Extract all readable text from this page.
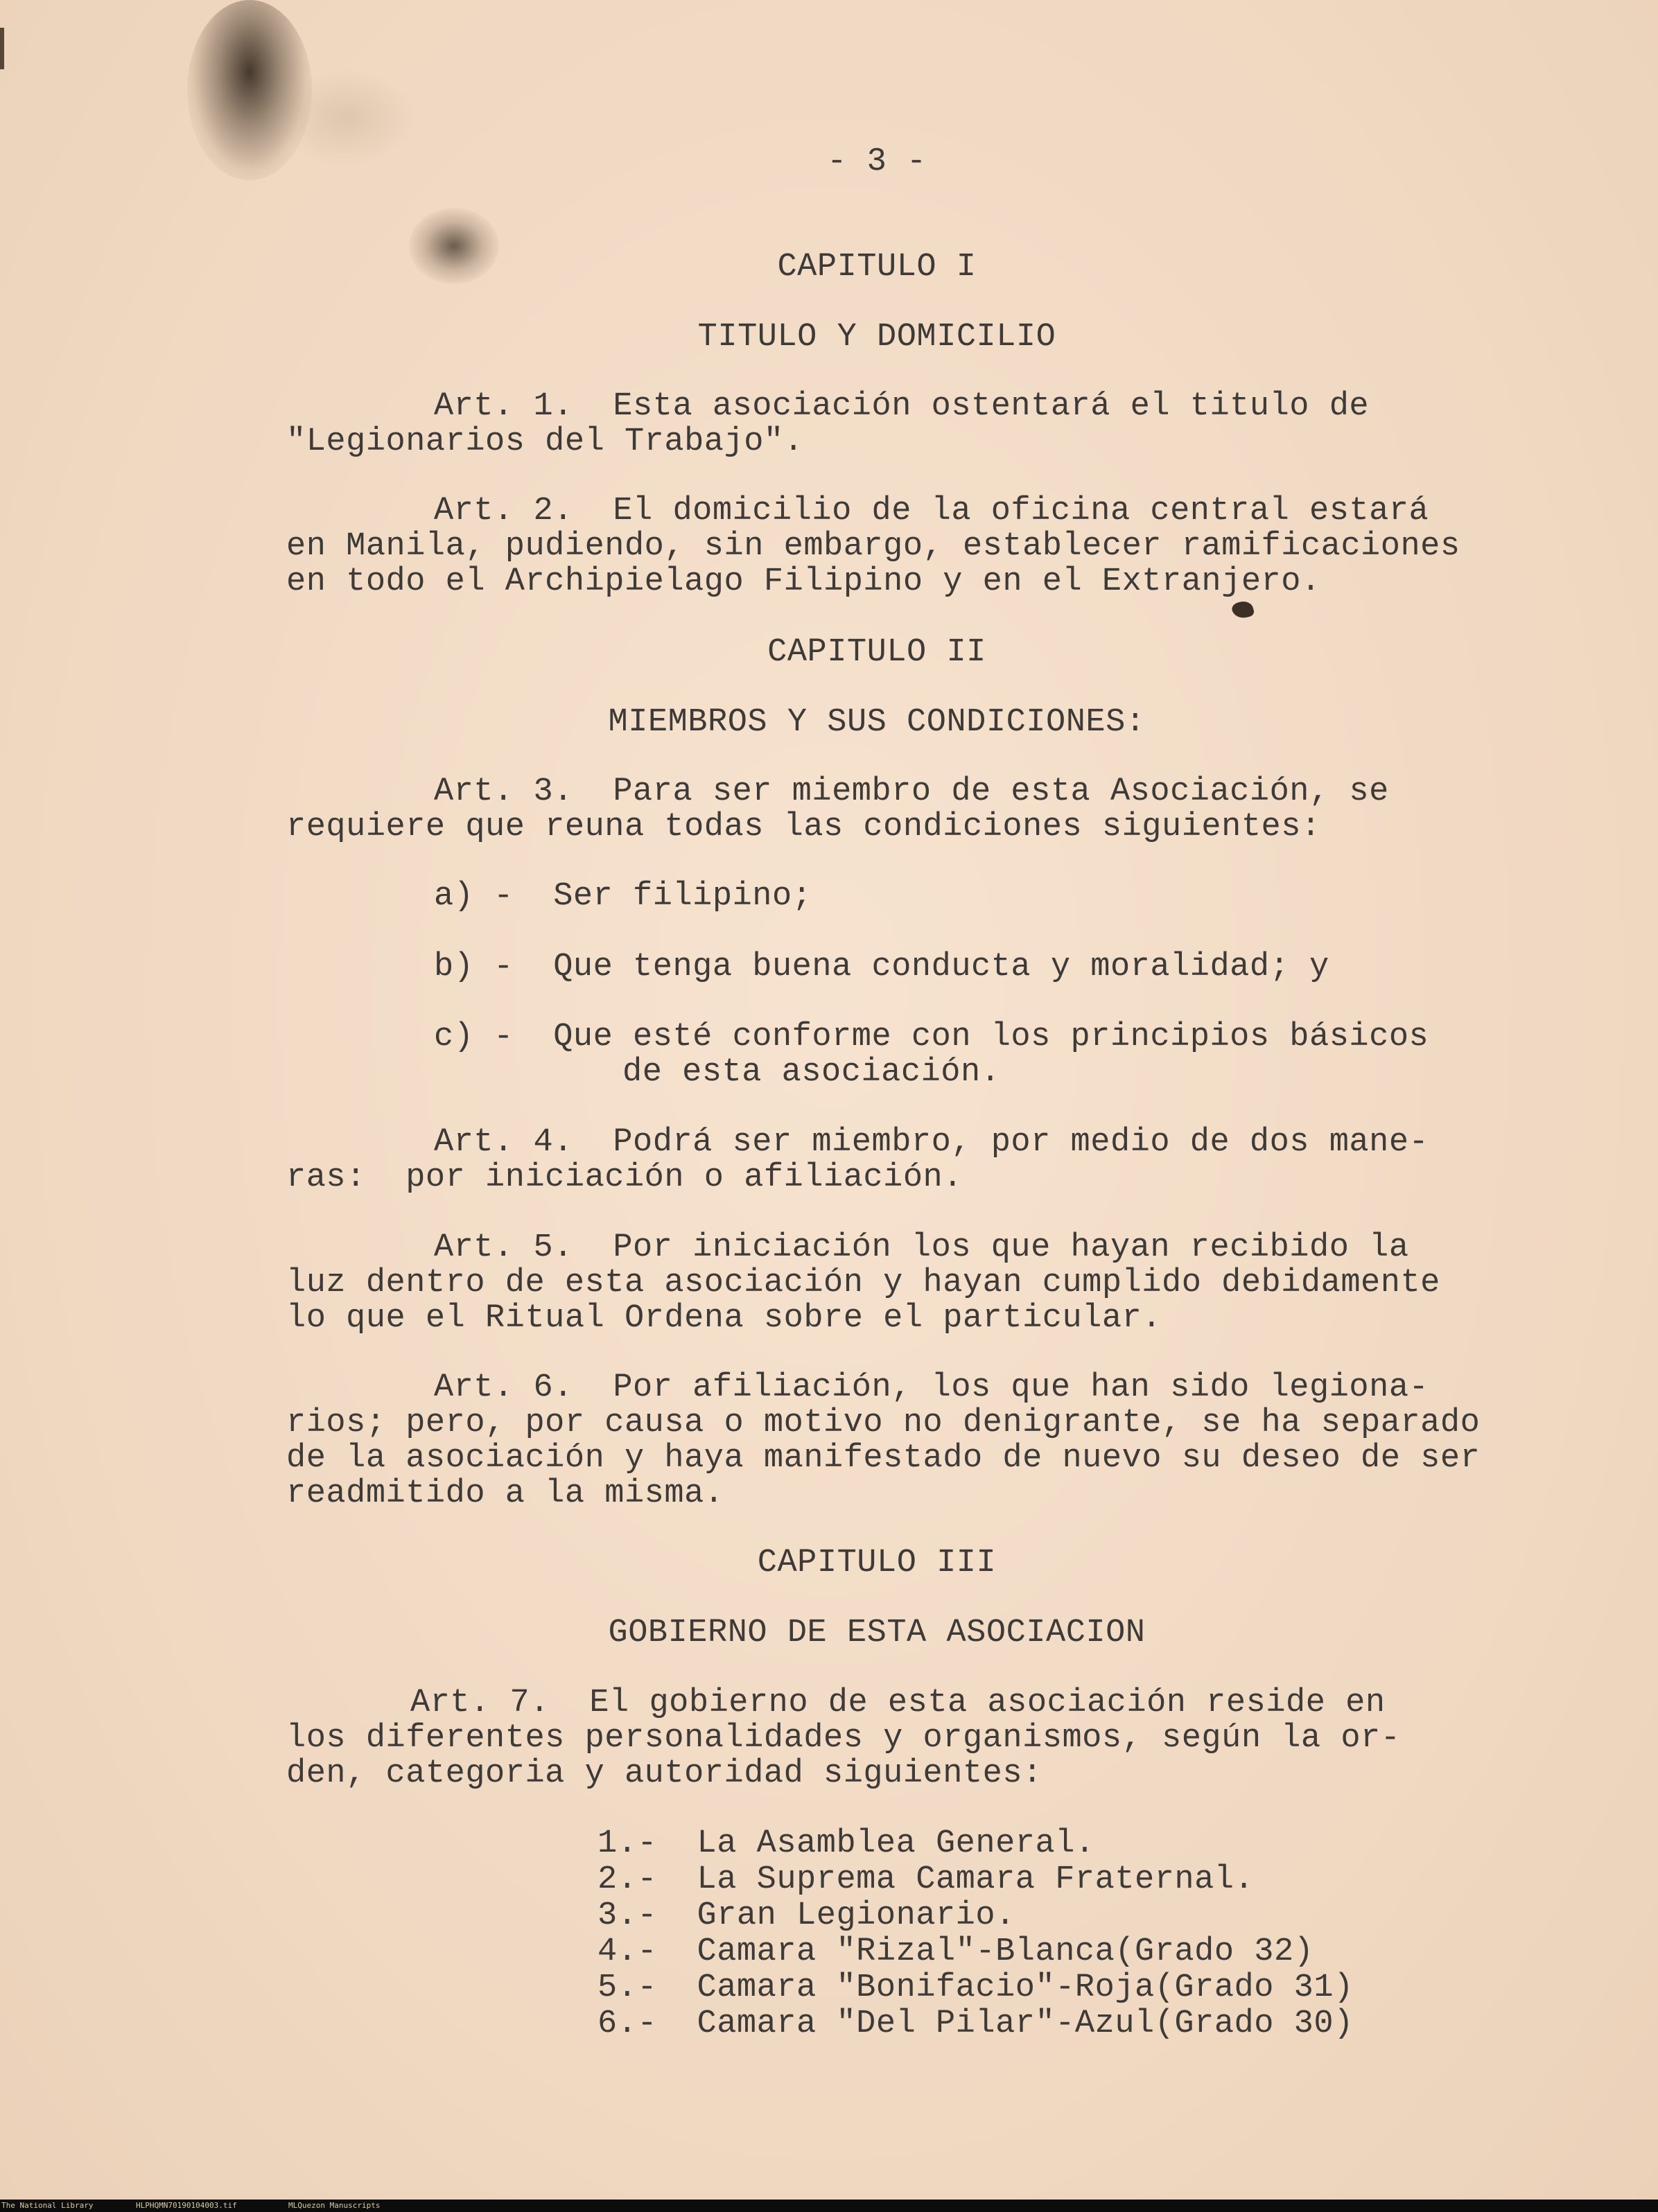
- 3 -

CAPITULO I

TITULO Y DOMICILIO

Art. 1.  Esta asociación ostentará el titulo de

"Legionarios del Trabajo".

Art. 2.  El domicilio de la oficina central estará

en Manila, pudiendo, sin embargo, establecer ramificaciones

en todo el Archipielago Filipino y en el Extranjero.

CAPITULO II

MIEMBROS Y SUS CONDICIONES:

Art. 3.  Para ser miembro de esta Asociación, se

requiere que reuna todas las condiciones siguientes:

a) -  Ser filipino;

b) -  Que tenga buena conducta y moralidad; y

c) -  Que esté conforme con los principios básicos

de esta asociación.

Art. 4.  Podrá ser miembro, por medio de dos mane-

ras:  por iniciación o afiliación.

Art. 5.  Por iniciación los que hayan recibido la

luz dentro de esta asociación y hayan cumplido debidamente

lo que el Ritual Ordena sobre el particular.

Art. 6.  Por afiliación, los que han sido legiona-

rios; pero, por causa o motivo no denigrante, se ha separado

de la asociación y haya manifestado de nuevo su deseo de ser

readmitido a la misma.

CAPITULO III

GOBIERNO DE ESTA ASOCIACION

Art. 7.  El gobierno de esta asociación reside en

los diferentes personalidades y organismos, según la or-

den, categoria y autoridad siguientes:

1.-  La Asamblea General.

2.-  La Suprema Camara Fraternal.

3.-  Gran Legionario.

4.-  Camara "Rizal"-Blanca(Grado 32)

5.-  Camara "Bonifacio"-Roja(Grado 31)

6.-  Camara "Del Pilar"-Azul(Grado 30)

The National Library	HLPHQMN70190104003.tif	MLQuezon Manuscripts
